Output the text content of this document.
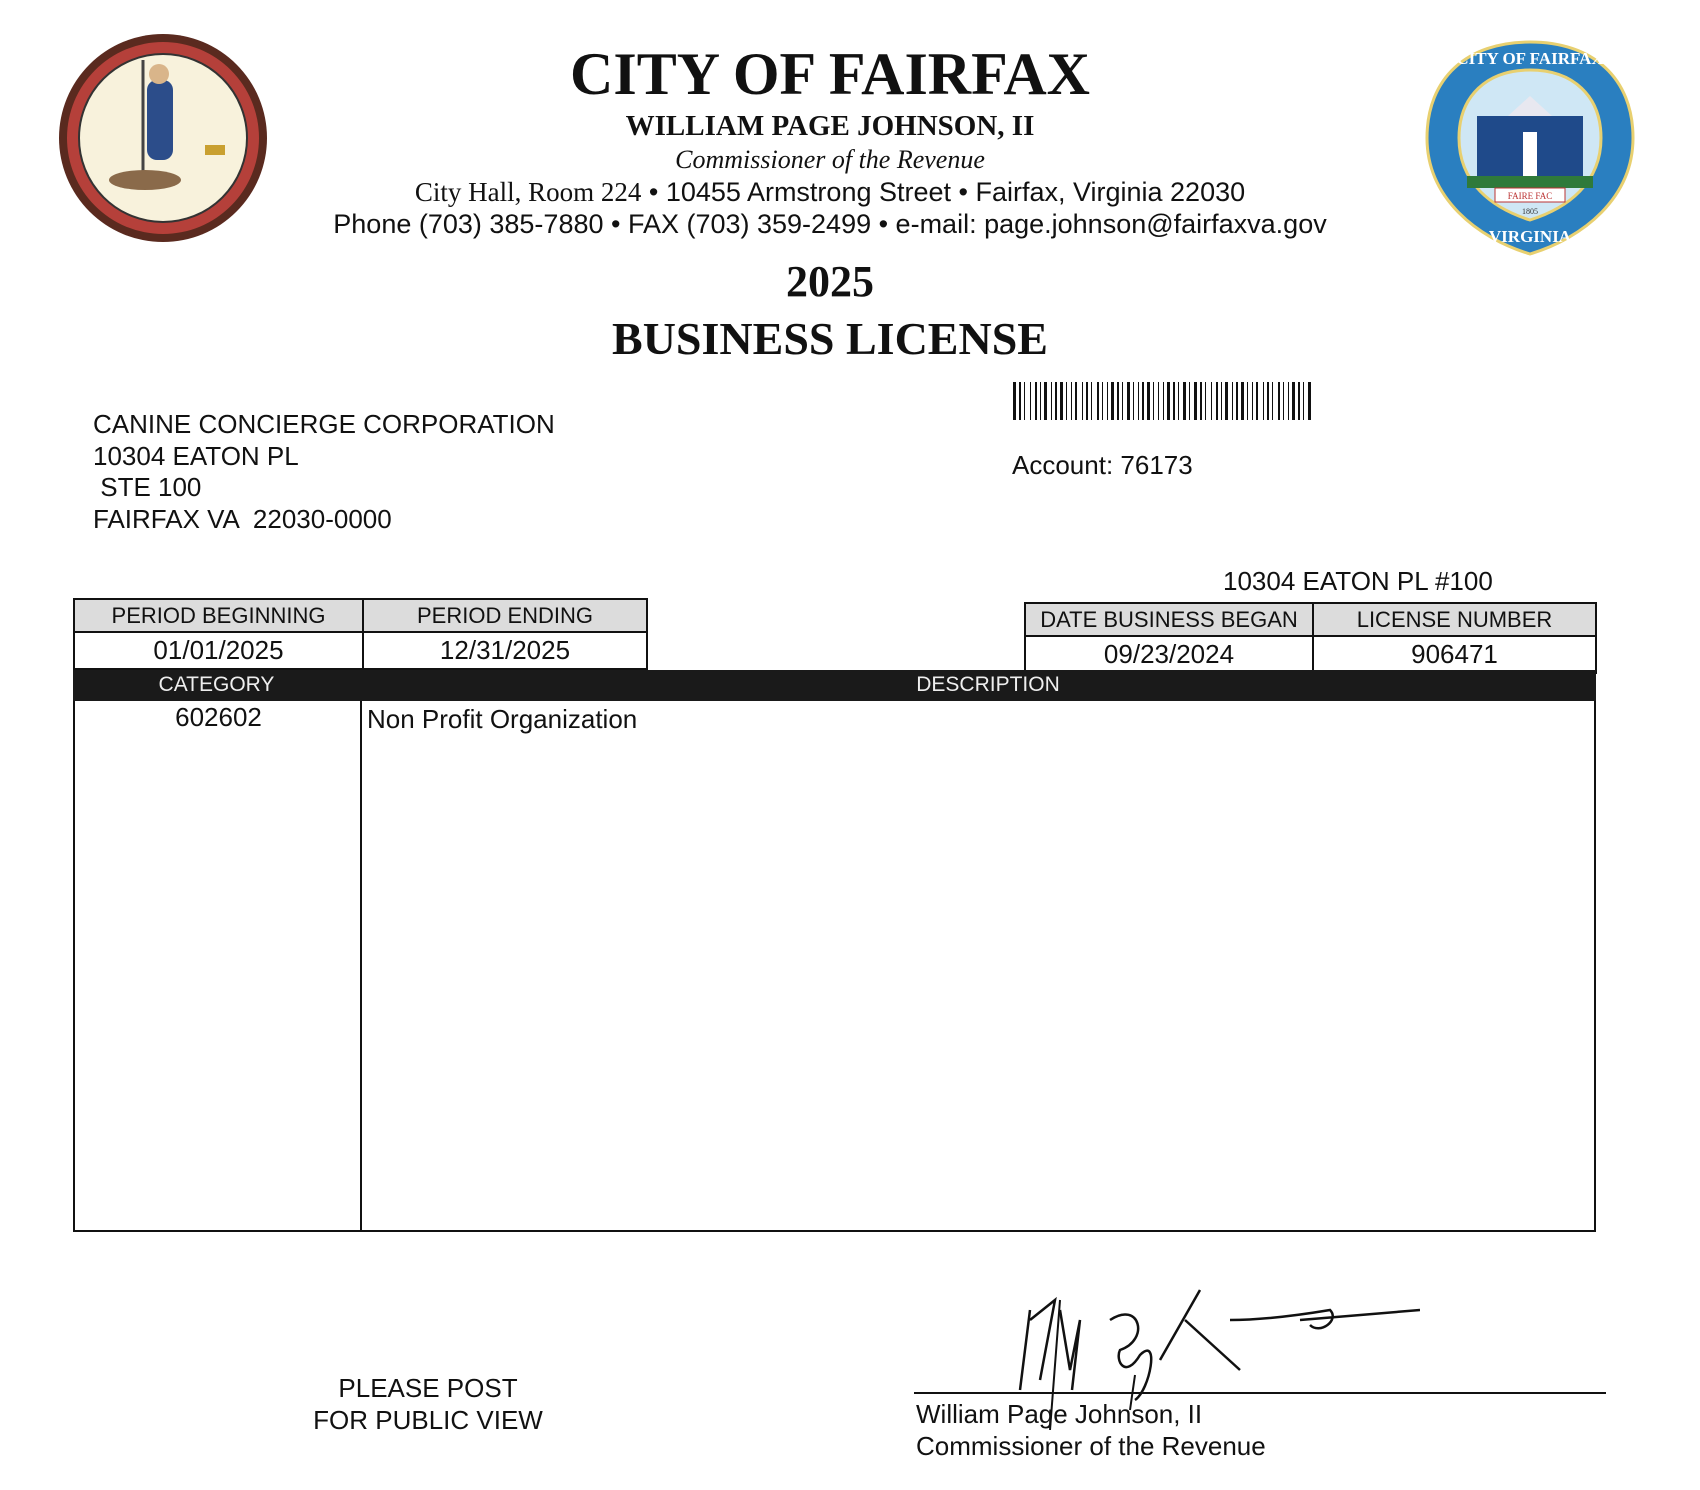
FAIRE FAC
1805
CITY OF FAIRFAX
VIRGINIA
CITY OF FAIRFAX
WILLIAM PAGE JOHNSON, II
Commissioner of the Revenue
City Hall, Room 224 • 10455 Armstrong Street • Fairfax, Virginia 22030
Phone (703) 385-7880 • FAX (703) 359-2499 • e-mail: page.johnson@fairfaxva.gov
2025
BUSINESS LICENSE
CANINE CONCIERGE CORPORATION
10304 EATON PL
STE 100
FAIRFAX VA  22030-0000
Account: 76173
10304 EATON PL #100
PERIOD BEGINNING	PERIOD ENDING
01/01/2025	12/31/2025
DATE BUSINESS BEGAN	LICENSE NUMBER
09/23/2024	906471
CATEGORY	DESCRIPTION
602602	Non Profit Organization
PLEASE POST
FOR PUBLIC VIEW	William Page Johnson, II
Commissioner of the Revenue
